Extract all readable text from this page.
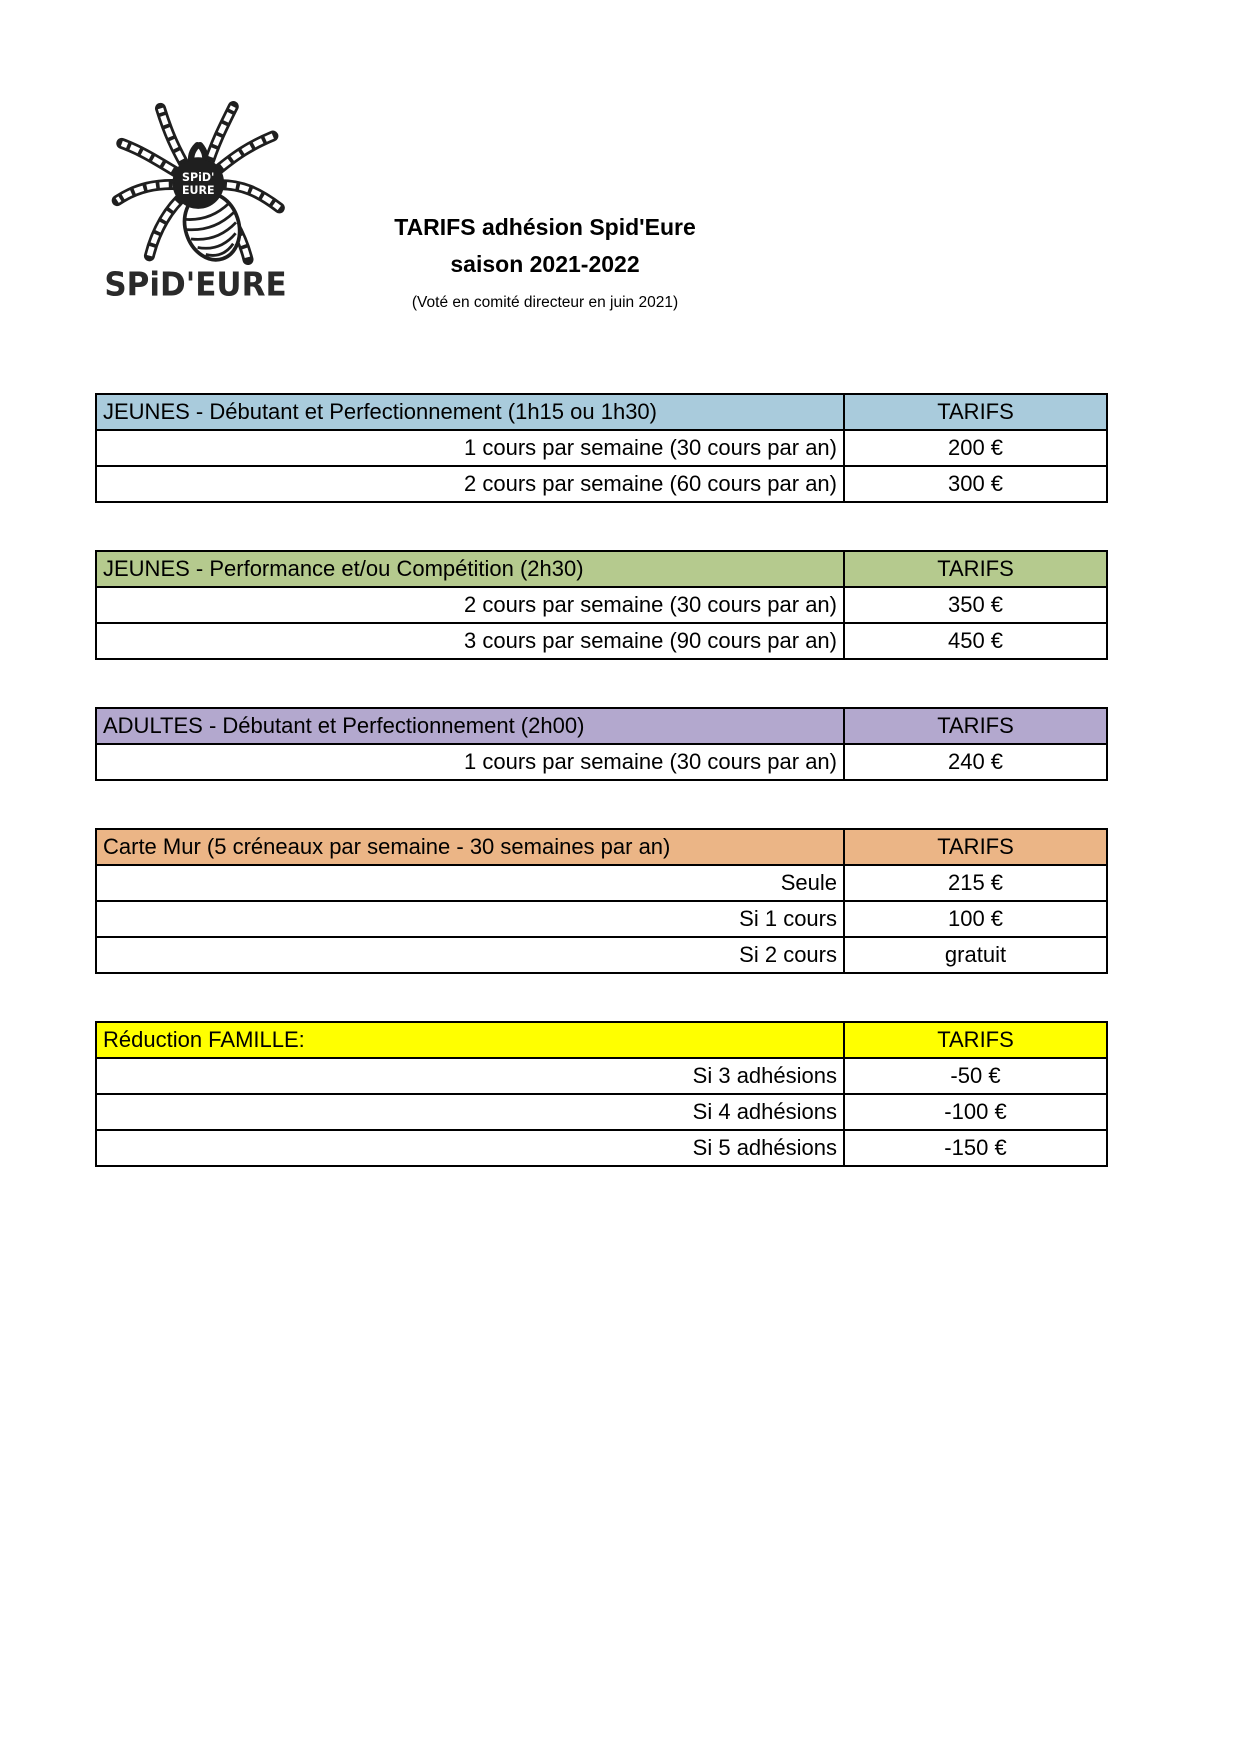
SPiD'
EURE
SPiD'EURE
TARIFS adhésion Spid'Eure
saison 2021-2022
(Voté en comité directeur en juin 2021)
JEUNES - Débutant et Perfectionnement (1h15 ou 1h30)	TARIFS
1 cours par semaine (30 cours par an)	200 €
2 cours par semaine (60 cours par an)	300 €
JEUNES - Performance et/ou Compétition (2h30)	TARIFS
2 cours par semaine (30 cours par an)	350 €
3 cours par semaine (90 cours par an)	450 €
ADULTES - Débutant et Perfectionnement (2h00)	TARIFS
1 cours par semaine (30 cours par an)	240 €
Carte Mur (5 créneaux par semaine - 30 semaines par an)	TARIFS
Seule	215 €
Si 1 cours	100 €
Si 2 cours	gratuit
Réduction FAMILLE:	TARIFS
Si 3 adhésions	-50 €
Si 4 adhésions	-100 €
Si 5 adhésions	-150 €
